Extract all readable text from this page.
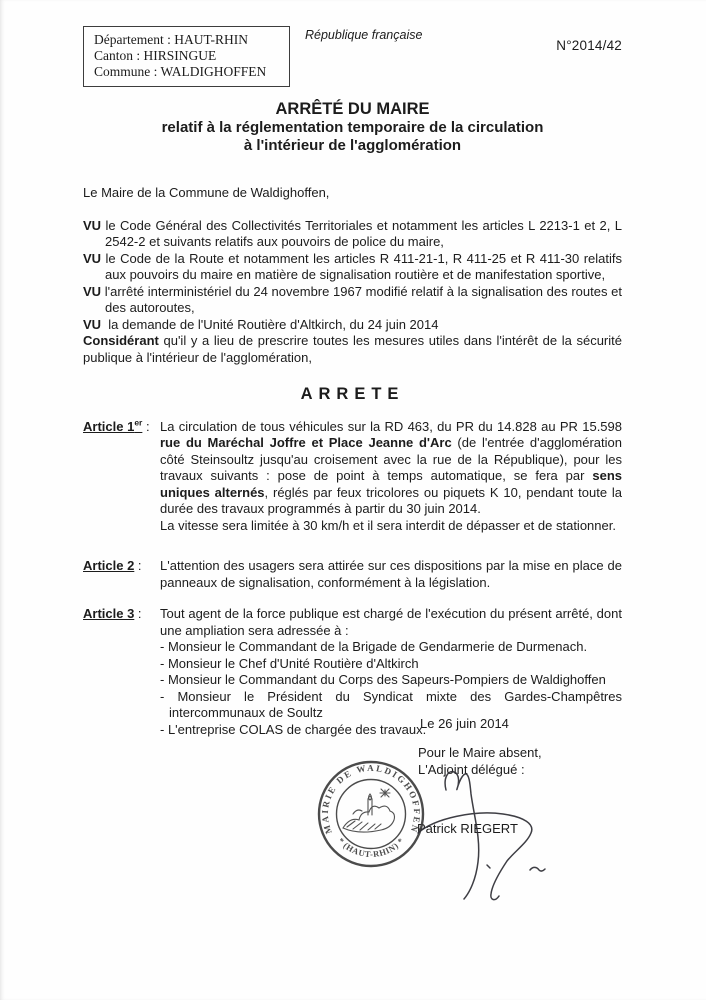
Département : HAUT-RHIN
Canton : HIRSINGUE
Commune : WALDIGHOFFEN
République française
N°2014/42
ARRÊTÉ DU MAIRE
relatif à la réglementation temporaire de la circulation
à l'intérieur de l'agglomération
Le Maire de la Commune de Waldighoffen,
VU le Code Général des Collectivités Territoriales et notamment les articles L 2213-1 et 2, L 2542-2 et suivants relatifs aux pouvoirs de police du maire,
VU le Code de la Route et notamment les articles R 411-21-1, R 411-25 et R 411-30 relatifs aux pouvoirs du maire en matière de signalisation routière et de manifestation sportive,
VU l'arrêté interministériel du 24 novembre 1967 modifié relatif à la signalisation des routes et des autoroutes,
VU la demande de l'Unité Routière d'Altkirch, du 24 juin 2014
Considérant qu'il y a lieu de prescrire toutes les mesures utiles dans l'intérêt de la sécurité publique à l'intérieur de l'agglomération,
ARRETE
Article 1er : La circulation de tous véhicules sur la RD 463, du PR du 14.828 au PR 15.598 rue du Maréchal Joffre et Place Jeanne d'Arc (de l'entrée d'agglomération côté Steinsoultz jusqu'au croisement avec la rue de la République), pour les travaux suivants : pose de point à temps automatique, se fera par sens uniques alternés, réglés par feux tricolores ou piquets K 10, pendant toute la durée des travaux programmés à partir du 30 juin 2014.
La vitesse sera limitée à 30 km/h et il sera interdit de dépasser et de stationner.
Article 2 :	L'attention des usagers sera attirée sur ces dispositions par la mise en place de panneaux de signalisation, conformément à la législation.
Article 3 :	Tout agent de la force publique est chargé de l'exécution du présent arrêté, dont une ampliation sera adressée à :
- Monsieur le Commandant de la Brigade de Gendarmerie de Durmenach.
- Monsieur le Chef d'Unité Routière d'Altkirch
- Monsieur le Commandant du Corps des Sapeurs-Pompiers de Waldighoffen
- Monsieur le Président du Syndicat mixte des Gardes-Champêtres intercommunaux de Soultz
- L'entreprise COLAS de chargée des travaux.
Le 26 juin 2014
Pour le Maire absent,
L'Adjoint délégué :
Patrick RIEGERT
MAIRIE DE WALDIGHOFFEN
* (HAUT-RHIN) *
